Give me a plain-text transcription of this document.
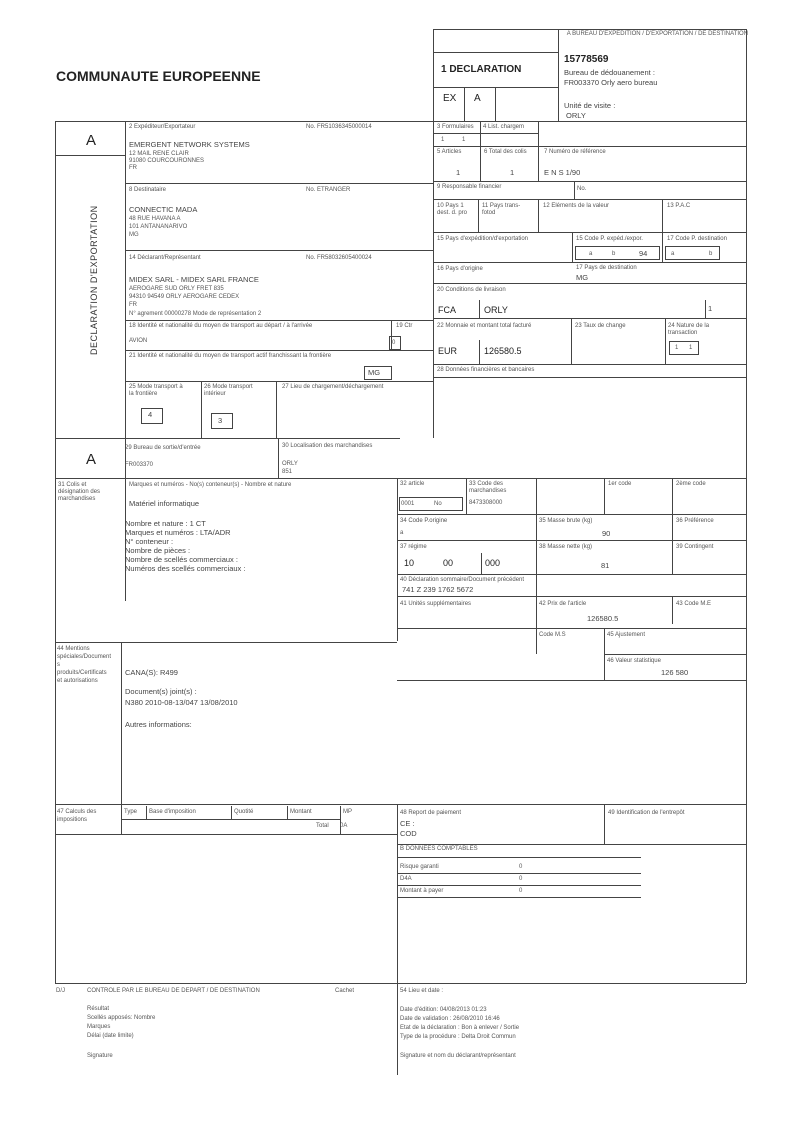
COMMUNAUTE EUROPEENNE
A BUREAU D'EXPEDITION / D'EXPORTATION / DE DESTINATION
1 DECLARATION
EX A
15778569
Bureau de dédouanement :
FR003370 Orly aero bureau
Unité de visite :
ORLY
A
DECLARATION D'EXPORTATION
A
2 Expéditeur/Exportateur	No. FR51036345000014
EMERGENT NETWORK SYSTEMS
12 MAIL RENE CLAIR
91080 COURCOURONNES
FR
8 Destinataire	No. ETRANGER
CONNECTIC MADA
48 RUE HAVANA A
101 ANTANANARIVO
MG
14 Déclarant/Représentant	No. FR58032605400024
MIDEX SARL - MIDEX SARL FRANCE
AEROGARE SUD ORLY FRET 835
94310 94549 ORLY AEROGARE CEDEX
FR
N° agrement 00000278 Mode de représentation 2
18 Identité et nationalité du moyen de transport au départ / à l'arrivée	19 Ctr
AVION	0
21 Identité et nationalité du moyen de transport actif franchissant la frontière
MG
25 Mode transport à
la frontière
26 Mode transport
intérieur
27 Lieu de chargement/déchargement
4
3
29 Bureau de sortie/d'entrée
FR003370
30 Localisation des marchandises
ORLY
851
3 Formulaires 4 List. chargem
1	1
5 Articles	6 Total des colis	7 Numéro de référence
1	1	E N S 1/90
9 Responsable financier	No.
10 Pays 1
dest. d. pro
11 Pays trans-
fotod
12 Eléments de la valeur	13 P.A.C
15 Pays d'expédition/d'exportation	15 Code P. expéd./expor.	17 Code P. destination
a	b	94	a	b
16 Pays d'origine	17 Pays de destination
MG
20 Conditions de livraison
FCA	ORLY	1
22 Monnaie et montant total facturé	23 Taux de change	24 Nature de la
transaction
EUR	126580.5	1 1
28 Données financières et bancaires
31 Colis et
désignation des
marchandises
Marques et numéros - No(s) conteneur(s) - Nombre et nature
Matériel informatique
Nombre et nature : 1 CT
Marques et numéros : LTA/ADR
N° conteneur :
Nombre de pièces :
Nombre de scellés commerciaux :
Numéros des scellés commerciaux :
32 article
0001	No
33 Code des
marchandises
8473308000
1er code	2ème code
34 Code P.origine
a
35 Masse brute (kg)
90
36 Préférence
37 régime
10	00	000
38 Masse nette (kg)
81
39 Contingent
40 Déclaration sommaire/Document précédent
741 Z 239 1762 5672
41 Unités supplémentaires	42 Prix de l'article
126580.5
43 Code M.E
Code M.S	45 Ajustement
46 Valeur statistique
126 580
44 Mentions
spéciales/Document
s
produits/Certificats
et autorisations
CANA(S): R499
Document(s) joint(s) :
N380 2010-08-13/047 13/08/2010
Autres informations:
47 Calculs des
impositions
Type Base d'imposition	Quotité	Montant	MP
Total 0A
48 Report de paiement
CE :
COD
49 Identification de l'entrepôt
B DONNEES COMPTABLES
Risque garanti	0
D4A	0
Montant à payer	0
D/J	CONTROLE PAR LE BUREAU DE DEPART / DE DESTINATION	Cachet
Résultat
Scellés apposés: Nombre
Marques
Délai (date limite)
Signature
54 Lieu et date :
Date d'édition: 04/08/2013 01:23
Date de validation : 26/08/2010 16:46
Etat de la déclaration : Bon à enlever / Sortie
Type de la procédure : Delta Droit Commun
Signature et nom du déclarant/représentant
